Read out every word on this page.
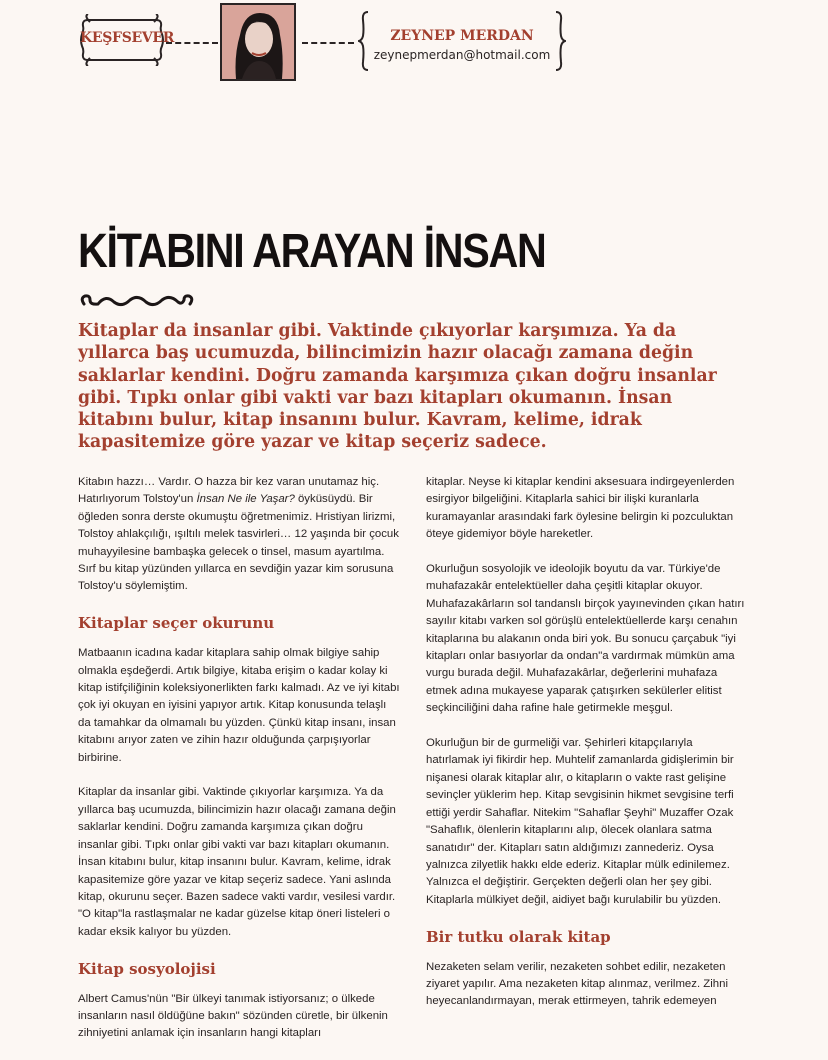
KEŞFSEVER	ZEYNEP MERDAN
zeynepmerdan@hotmail.com
KİTABINI ARAYAN İNSAN

Kitaplar da insanlar gibi. Vaktinde çıkıyorlar karşımıza. Ya da yıllarca baş ucumuzda, bilincimizin hazır olacağı zamana değin saklarlar kendini. Doğru zamanda karşımıza çıkan doğru insanlar gibi. Tıpkı onlar gibi vakti var bazı kitapları okumanın. İnsan kitabını bulur, kitap insanını bulur. Kavram, kelime, idrak kapasitemize göre yazar ve kitap seçeriz sadece.

Kitabın hazzı… Vardır. O hazza bir kez varan unutamaz hiç. Hatırlıyorum Tolstoy'un İnsan Ne ile Yaşar? öyküsüydü. Bir öğleden sonra derste okumuştu öğretmenimiz. Hristiyan lirizmi, Tolstoy ahlakçılığı, ışıltılı melek tasvirleri… 12 yaşında bir çocuk muhayyilesine bambaşka gelecek o tinsel, masum ayartılma. Sırf bu kitap yüzünden yıllarca en sevdiğin yazar kim sorusuna Tolstoy'u söylemiştim.

Kitaplar seçer okurunu

Matbaanın icadına kadar kitaplara sahip olmak bilgiye sahip olmakla eşdeğerdi. Artık bilgiye, kitaba erişim o kadar kolay ki kitap istifçiliğinin koleksiyonerlikten farkı kalmadı. Az ve iyi kitabı çok iyi okuyan en iyisini yapıyor artık. Kitap konusunda telaşlı da tamahkar da olmamalı bu yüzden. Çünkü kitap insanı, insan kitabını arıyor zaten ve zihin hazır olduğunda çarpışıyorlar birbirine.

Kitaplar da insanlar gibi. Vaktinde çıkıyorlar karşımıza. Ya da yıllarca baş ucumuzda, bilincimizin hazır olacağı zamana değin saklarlar kendini. Doğru zamanda karşımıza çıkan doğru insanlar gibi. Tıpkı onlar gibi vakti var bazı kitapları okumanın. İnsan kitabını bulur, kitap insanını bulur. Kavram, kelime, idrak kapasitemize göre yazar ve kitap seçeriz sadece. Yani aslında kitap, okurunu seçer. Bazen sadece vakti vardır, vesilesi vardır. "O kitap"la rastlaşmalar ne kadar güzelse kitap öneri listeleri o kadar eksik kalıyor bu yüzden.

Kitap sosyolojisi

Albert Camus'nün "Bir ülkeyi tanımak istiyorsanız; o ülkede insanların nasıl öldüğüne bakın" sözünden cüretle, bir ülkenin zihniyetini anlamak için insanların hangi kitapları

kitaplar. Neyse ki kitaplar kendini aksesuara indirgeyenlerden esirgiyor bilgeliğini. Kitaplarla sahici bir ilişki kuranlarla kuramayanlar arasındaki fark öylesine belirgin ki pozculuktan öteye gidemiyor böyle hareketler.

Okurluğun sosyolojik ve ideolojik boyutu da var. Türkiye'de muhafazakâr entelektüeller daha çeşitli kitaplar okuyor. Muhafazakârların sol tandanslı birçok yayınevinden çıkan hatırı sayılır kitabı varken sol görüşlü entelektüellerde karşı cenahın kitaplarına bu alakanın onda biri yok. Bu sonucu çarçabuk "iyi kitapları onlar basıyorlar da ondan"a vardırmak mümkün ama vurgu burada değil. Muhafazakârlar, değerlerini muhafaza etmek adına mukayese yaparak çatışırken sekülerler elitist seçkinciliğini daha rafine hale getirmekle meşgul.

Okurluğun bir de gurmeliği var. Şehirleri kitapçılarıyla hatırlamak iyi fikirdir hep. Muhtelif zamanlarda gidişlerimin bir nişanesi olarak kitaplar alır, o kitapların o vakte rast gelişine sevinçler yüklerim hep. Kitap sevgisinin hikmet sevgisine terfi ettiği yerdir Sahaflar. Nitekim "Sahaflar Şeyhi" Muzaffer Ozak "Sahaflık, ölenlerin kitaplarını alıp, ölecek olanlara satma sanatıdır" der. Kitapları satın aldığımızı zannederiz. Oysa yalnızca zilyetlik hakkı elde ederiz. Kitaplar mülk edinilemez. Yalnızca el değiştirir. Gerçekten değerli olan her şey gibi. Kitaplarla mülkiyet değil, aidiyet bağı kurulabilir bu yüzden.

Bir tutku olarak kitap

Nezaketen selam verilir, nezaketen sohbet edilir, nezaketen ziyaret yapılır. Ama nezaketen kitap alınmaz, verilmez. Zihni heyecanlandırmayan, merak ettirmeyen, tahrik edemeyen
